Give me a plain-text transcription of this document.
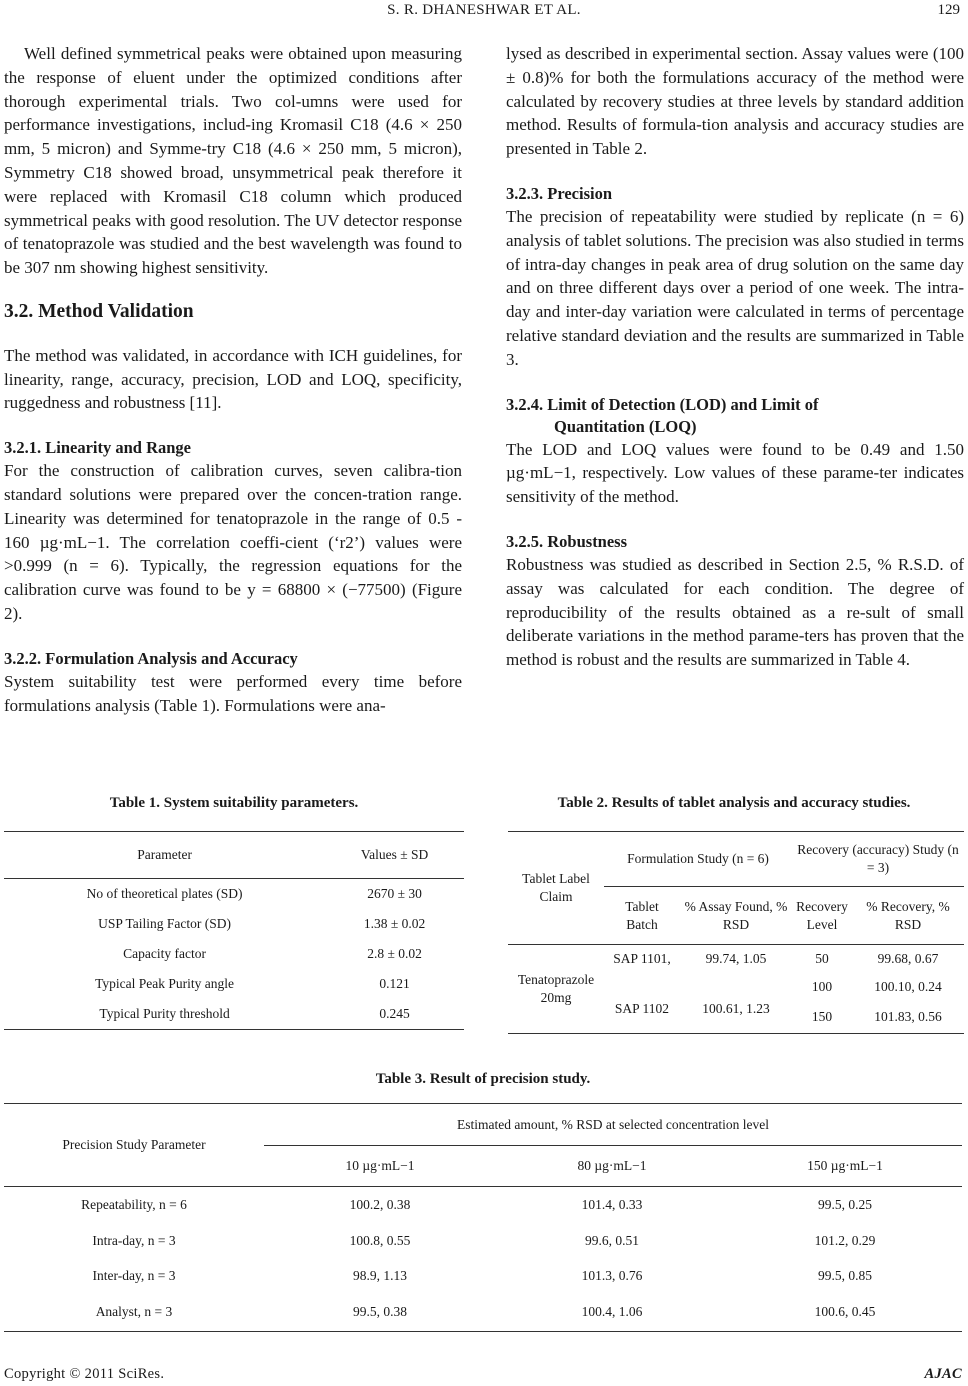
S. R. DHANESHWAR ET AL.	129

Well defined symmetrical peaks were obtained upon measuring the response of eluent under the optimized conditions after thorough experimental trials. Two col-umns were used for performance investigations, includ-ing Kromasil C18 (4.6 × 250 mm, 5 micron) and Symme-try C18 (4.6 × 250 mm, 5 micron), Symmetry C18 showed broad, unsymmetrical peak therefore it were replaced with Kromasil C18 column which produced symmetrical peaks with good resolution. The UV detector response of tenatoprazole was studied and the best wavelength was found to be 307 nm showing highest sensitivity.

3.2. Method Validation

The method was validated, in accordance with ICH guidelines, for linearity, range, accuracy, precision, LOD and LOQ, specificity, ruggedness and robustness [11].

3.2.1. Linearity and Range

For the construction of calibration curves, seven calibra-tion standard solutions were prepared over the concen-tration range. Linearity was determined for tenatoprazole in the range of 0.5 - 160 µg·mL−1. The correlation coeffi-cient (‘r2’) values were >0.999 (n = 6). Typically, the regression equations for the calibration curve was found to be y = 68800 × (−77500) (Figure 2).

3.2.2. Formulation Analysis and Accuracy

System suitability test were performed every time before formulations analysis (Table 1). Formulations were ana-

lysed as described in experimental section. Assay values were (100 ± 0.8)% for both the formulations accuracy of the method were calculated by recovery studies at three levels by standard addition method. Results of formula-tion analysis and accuracy studies are presented in Table 2.

3.2.3. Precision

The precision of repeatability were studied by replicate (n = 6) analysis of tablet solutions. The precision was also studied in terms of intra-day changes in peak area of drug solution on the same day and on three different days over a period of one week. The intra-day and inter-day variation were calculated in terms of percentage relative standard deviation and the results are summarized in Table 3.

3.2.4. Limit of Detection (LOD) and Limit of
Quantitation (LOQ)

The LOD and LOQ values were found to be 0.49 and 1.50 µg·mL−1, respectively. Low values of these parame-ter indicates sensitivity of the method.

3.2.5. Robustness

Robustness was studied as described in Section 2.5, % R.S.D. of assay was calculated for each condition. The degree of reproducibility of the results obtained as a re-sult of small deliberate variations in the method parame-ters has proven that the method is robust and the results are summarized in Table 4.

Table 1. System suitability parameters.
Parameter	Values ± SD
No of theoretical plates (SD)	2670 ± 30
USP Tailing Factor (SD)	1.38 ± 0.02
Capacity factor	2.8 ± 0.02
Typical Peak Purity angle	0.121
Typical Purity threshold	0.245
Table 2. Results of tablet analysis and accuracy studies.
Tablet Label Claim	Formulation Study (n = 6)		Recovery (accuracy) Study (n = 3)	
	Tablet Batch	% Assay Found, % RSD	Recovery Level	% Recovery, % RSD
Tenatoprazole 20mg	SAP 1101,	99.74, 1.05	50	99.68, 0.67
			100	100.10, 0.24
	SAP 1102	100.61, 1.23	150	101.83, 0.56
Table 3. Result of precision study.
Precision Study Parameter	Estimated amount, % RSD at selected concentration level		
	10 µg·mL−1	80 µg·mL−1	150 µg·mL−1
Repeatability, n = 6	100.2, 0.38	101.4, 0.33	99.5, 0.25
Intra-day, n = 3	100.8, 0.55	99.6, 0.51	101.2, 0.29
Inter-day, n = 3	98.9, 1.13	101.3, 0.76	99.5, 0.85
Analyst, n = 3	99.5, 0.38	100.4, 1.06	100.6, 0.45
Copyright © 2011 SciRes.	AJAC
